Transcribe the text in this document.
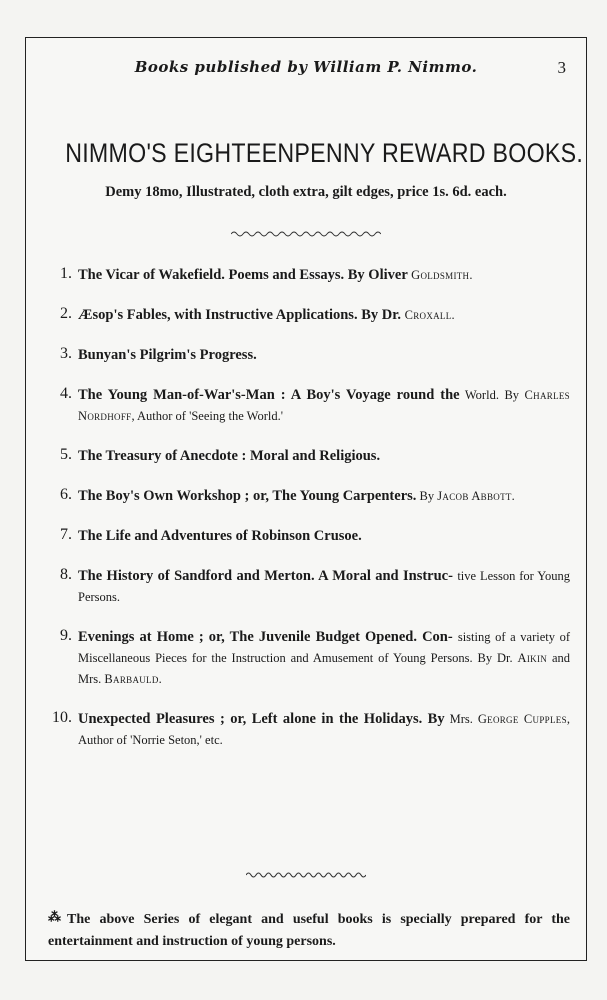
Books published by William P. Nimmo.	3
NIMMO'S EIGHTEENPENNY REWARD BOOKS.
Demy 18mo, Illustrated, cloth extra, gilt edges, price 1s. 6d. each.
1. The Vicar of Wakefield. Poems and Essays. By Oliver Goldsmith.
2. Æsop's Fables, with Instructive Applications. By Dr. Croxall.
3. Bunyan's Pilgrim's Progress.
4. The Young Man-of-War's-Man : A Boy's Voyage round the World. By Charles Nordhoff, Author of 'Seeing the World.'
5. The Treasury of Anecdote : Moral and Religious.
6. The Boy's Own Workshop ; or, The Young Carpenters. By Jacob Abbott.
7. The Life and Adventures of Robinson Crusoe.
8. The History of Sandford and Merton. A Moral and Instruc- tive Lesson for Young Persons.
9. Evenings at Home ; or, The Juvenile Budget Opened. Con- sisting of a variety of Miscellaneous Pieces for the Instruction and Amusement of Young Persons. By Dr. Aikin and Mrs. Barbauld.
10. Unexpected Pleasures ; or, Left alone in the Holidays. By Mrs. George Cupples, Author of 'Norrie Seton,' etc.
⁂ The above Series of elegant and useful books is specially prepared for the entertainment and instruction of young persons.
